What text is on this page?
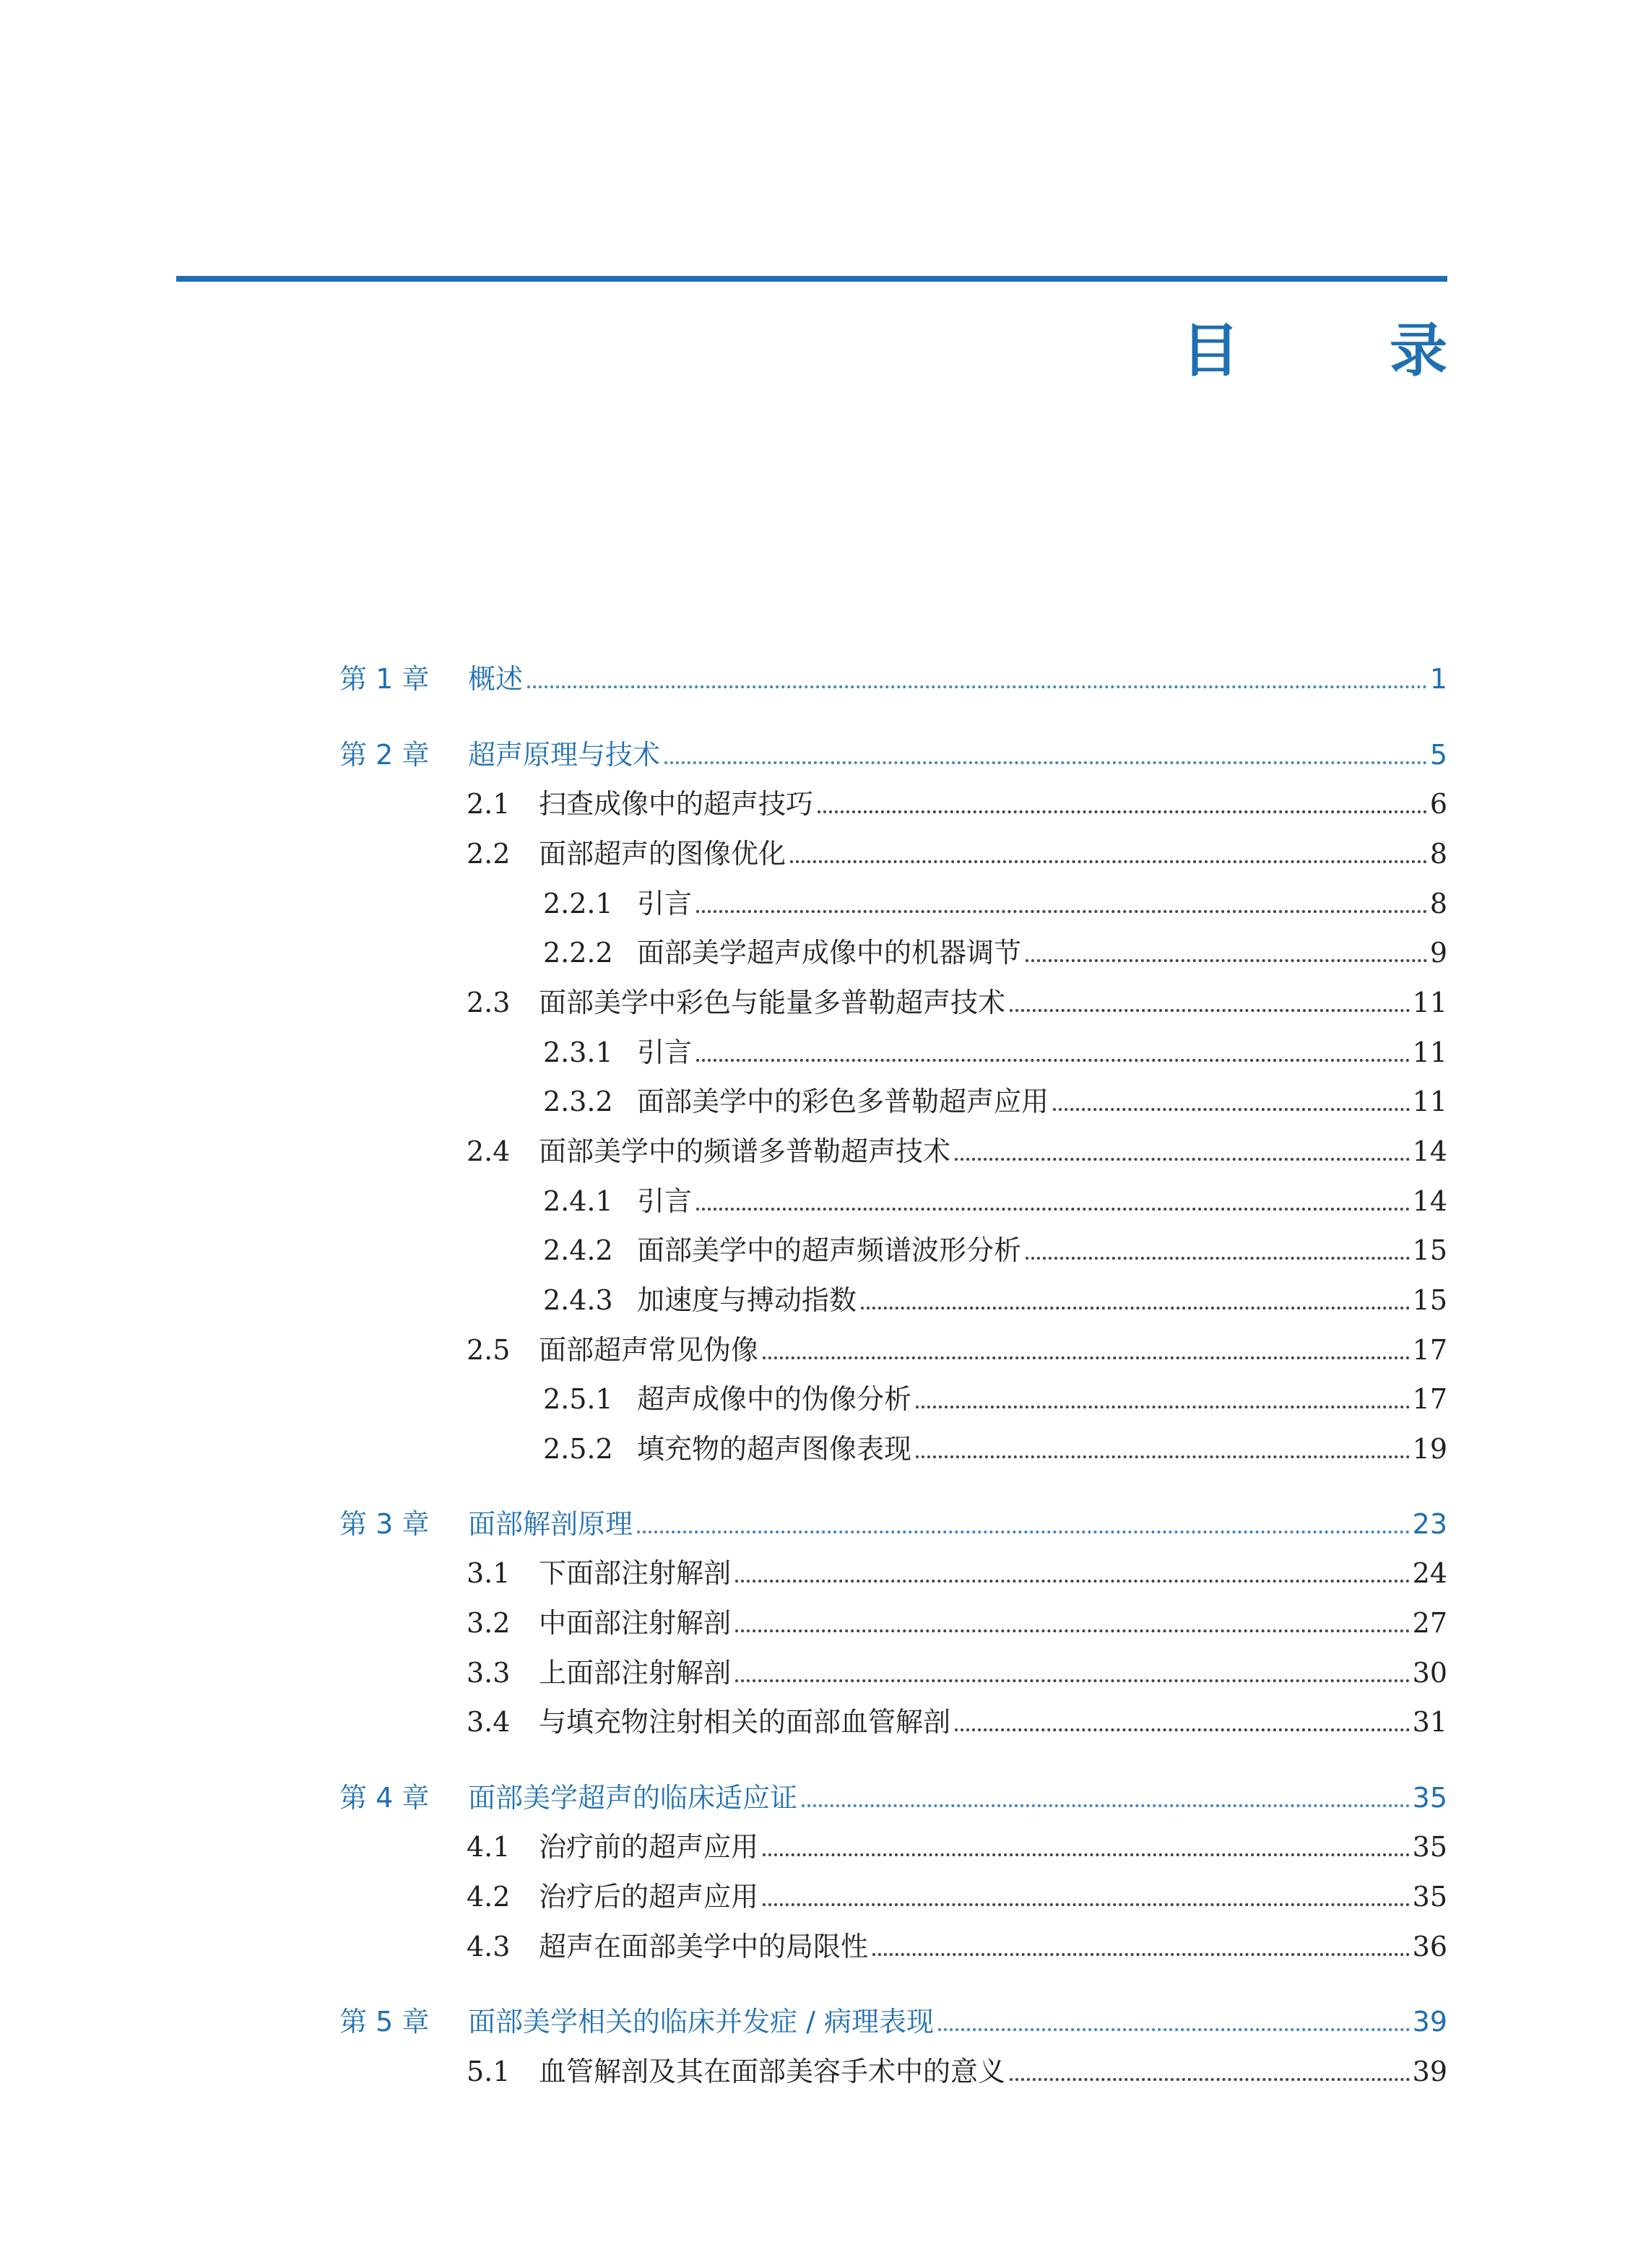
目 录
第 1 章	概述	1
第 2 章	超声原理与技术	5
2.1	扫查成像中的超声技巧	6
2.2	面部超声的图像优化	8
2.2.1 引言	8
2.2.2 面部美学超声成像中的机器调节	9
2.3	面部美学中彩色与能量多普勒超声技术	11
2.3.1 引言	11
2.3.2 面部美学中的彩色多普勒超声应用	11
2.4	面部美学中的频谱多普勒超声技术	14
2.4.1 引言	14
2.4.2 面部美学中的超声频谱波形分析	15
2.4.3 加速度与搏动指数	15
2.5	面部超声常见伪像	17
2.5.1 超声成像中的伪像分析	17
2.5.2 填充物的超声图像表现	19
第 3 章	面部解剖原理	23
3.1	下面部注射解剖	24
3.2	中面部注射解剖	27
3.3	上面部注射解剖	30
3.4	与填充物注射相关的面部血管解剖	31
第 4 章	面部美学超声的临床适应证	35
4.1	治疗前的超声应用	35
4.2	治疗后的超声应用	35
4.3	超声在面部美学中的局限性	36
第 5 章	面部美学相关的临床并发症 / 病理表现	39
5.1	血管解剖及其在面部美容手术中的意义	39
